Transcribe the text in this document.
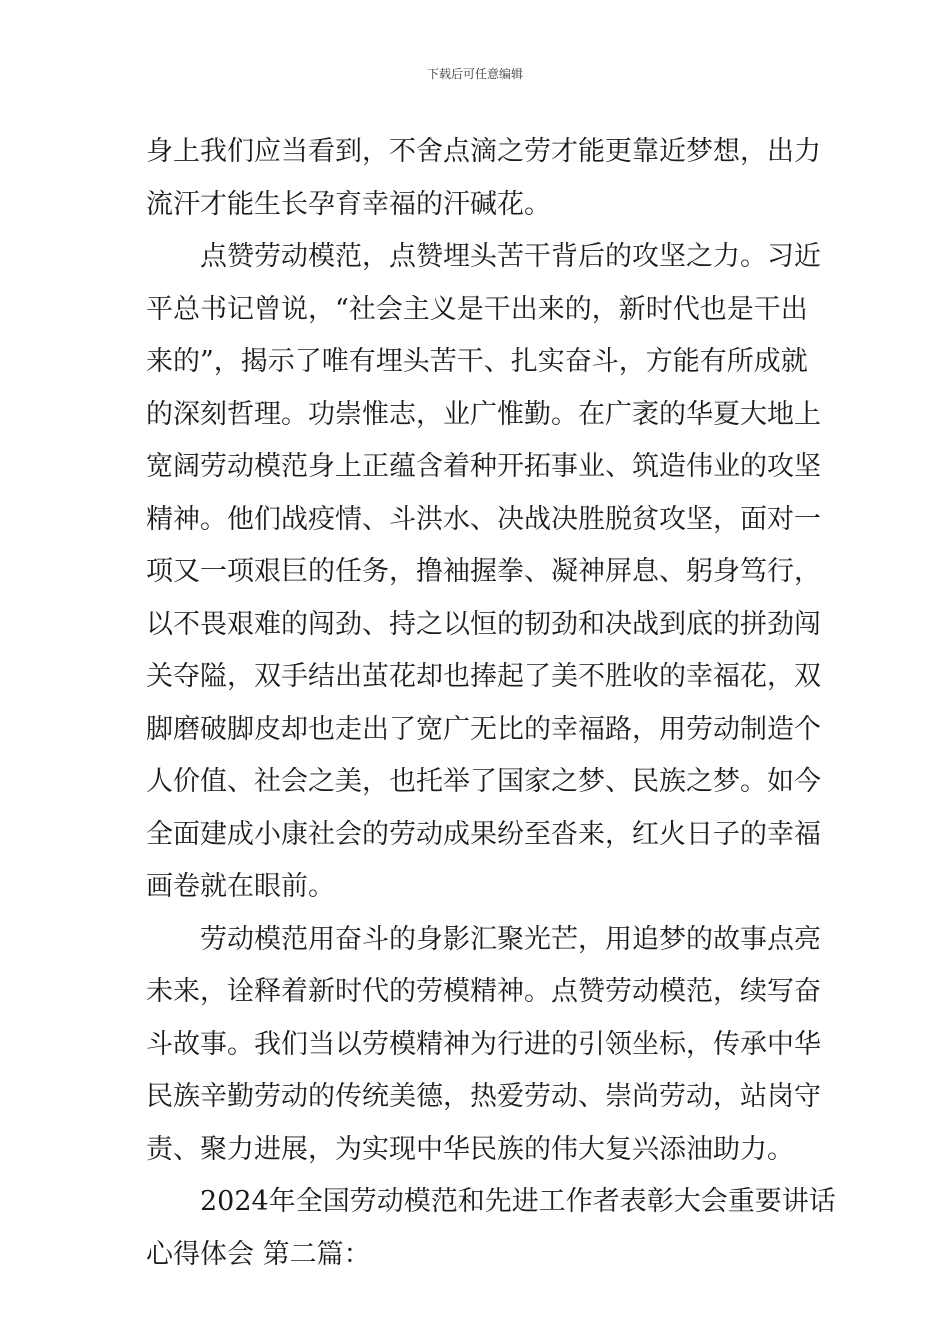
下载后可任意编辑
身上我们应当看到，不舍点滴之劳才能更靠近梦想，出力
流汗才能生长孕育幸福的汗碱花。
点赞劳动模范，点赞埋头苦干背后的攻坚之力。习近
平总书记曾说，“社会主义是干出来的，新时代也是干出
来的”，揭示了唯有埋头苦干、扎实奋斗，方能有所成就
的深刻哲理。功崇惟志，业广惟勤。在广袤的华夏大地上
宽阔劳动模范身上正蕴含着种开拓事业、筑造伟业的攻坚
精神。他们战疫情、斗洪水、决战决胜脱贫攻坚，面对一
项又一项艰巨的任务，撸袖握拳、凝神屏息、躬身笃行，
以不畏艰难的闯劲、持之以恒的韧劲和决战到底的拼劲闯
关夺隘，双手结出茧花却也捧起了美不胜收的幸福花，双
脚磨破脚皮却也走出了宽广无比的幸福路，用劳动制造个
人价值、社会之美，也托举了国家之梦、民族之梦。如今
全面建成小康社会的劳动成果纷至沓来，红火日子的幸福
画卷就在眼前。
劳动模范用奋斗的身影汇聚光芒，用追梦的故事点亮
未来，诠释着新时代的劳模精神。点赞劳动模范，续写奋
斗故事。我们当以劳模精神为行进的引领坐标，传承中华
民族辛勤劳动的传统美德，热爱劳动、崇尚劳动，站岗守
责、聚力进展，为实现中华民族的伟大复兴添油助力。
2024年全国劳动模范和先进工作者表彰大会重要讲话
心得体会 第二篇：
